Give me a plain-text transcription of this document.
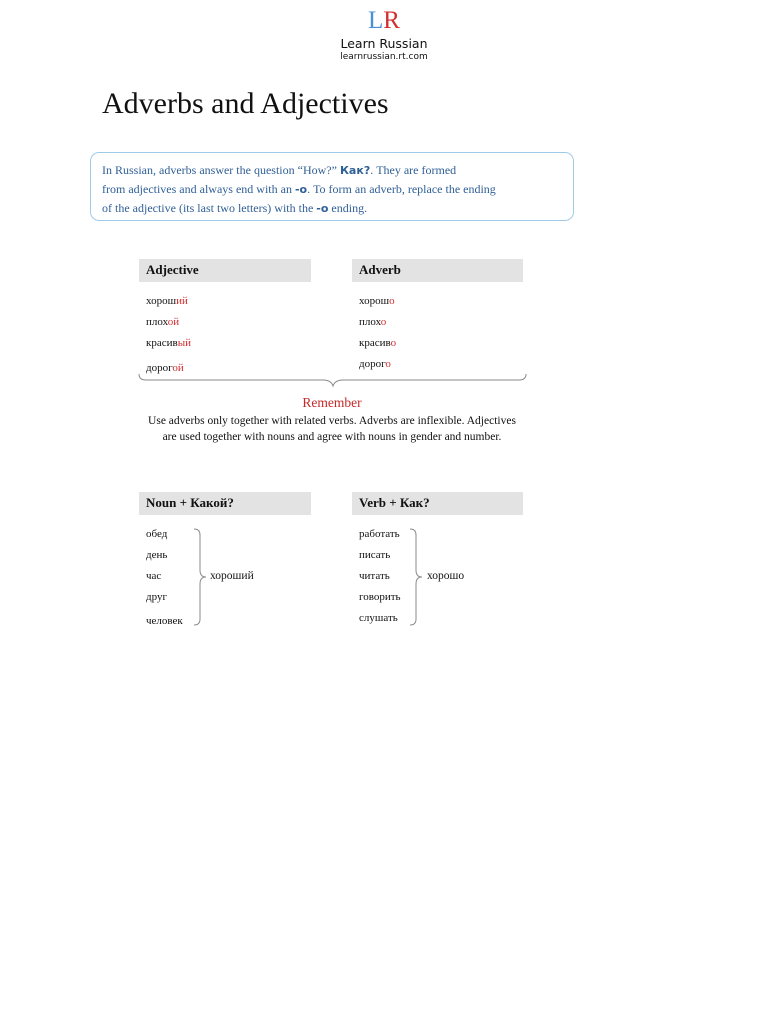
LR
Learn Russian
learnrussian.rt.com
Adverbs and Adjectives
In Russian, adverbs answer the question “How?” Как?. They are formed
from adjectives and always end with an -о. To form an adverb, replace the ending
of the adjective (its last two letters) with the -о ending.
Adjective	Adverb
хороший
плохой
красивый
дорогой
хорошо
плохо
красиво
дорого
Remember
Use adverbs only together with related verbs. Adverbs are inflexible. Adjectives are used together with nouns and agree with nouns in gender and number.
Noun + Какой?	Verb + Как?
обед
день
час
друг
человек
хороший
работать
писать
читать
говорить
слушать
хорошо
